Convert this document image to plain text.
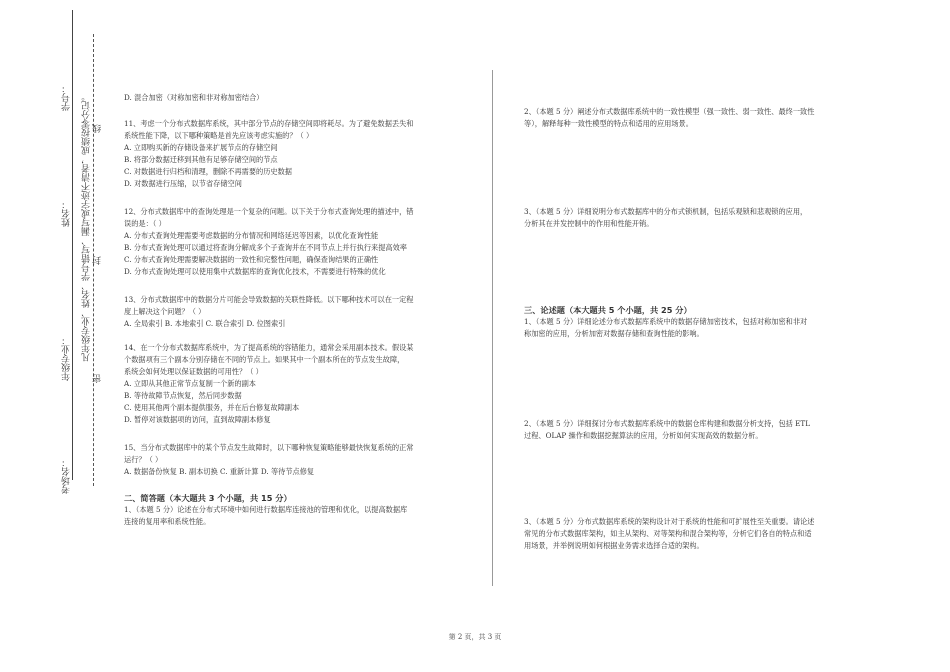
学号：
姓名：
年级专业：
考场名：
凡年级专业、姓名、学号错写、漏写或字迹不清者，成绩按零分记。
密
封
线

D. 混合加密（对称加密和非对称加密结合）

11、考虑一个分布式数据库系统，其中部分节点的存储空间即将耗尽。为了避免数据丢失和

系统性能下降，以下哪种策略是首先应该考虑实施的？（ ）

A. 立即购买新的存储设备来扩展节点的存储空间

B. 将部分数据迁移到其他有足够存储空间的节点

C. 对数据进行归档和清理，删除不再需要的历史数据

D. 对数据进行压缩，以节省存储空间

12、分布式数据库中的查询处理是一个复杂的问题。以下关于分布式查询处理的描述中，错

误的是：（ ）

A. 分布式查询处理需要考虑数据的分布情况和网络延迟等因素，以优化查询性能

B. 分布式查询处理可以通过将查询分解成多个子查询并在不同节点上并行执行来提高效率

C. 分布式查询处理需要解决数据的一致性和完整性问题，确保查询结果的正确性

D. 分布式查询处理可以使用集中式数据库的查询优化技术，不需要进行特殊的优化

13、分布式数据库中的数据分片可能会导致数据的关联性降低。以下哪种技术可以在一定程

度上解决这个问题？（ ）

A. 全局索引 B. 本地索引 C. 联合索引 D. 位图索引

14、在一个分布式数据库系统中，为了提高系统的容错能力，通常会采用副本技术。假设某

个数据项有三个副本分别存储在不同的节点上。如果其中一个副本所在的节点发生故障，

系统会如何处理以保证数据的可用性？（ ）

A. 立即从其他正常节点复制一个新的副本

B. 等待故障节点恢复，然后同步数据

C. 使用其他两个副本提供服务，并在后台修复故障副本

D. 暂停对该数据项的访问，直到故障副本修复

15、当分布式数据库中的某个节点发生故障时，以下哪种恢复策略能够最快恢复系统的正常

运行？（ ）

A. 数据备份恢复 B. 副本切换 C. 重新计算 D. 等待节点修复

二、简答题（本大题共 3 个小题，共 15 分）

1、（本题 5 分）论述在分布式环境中如何进行数据库连接池的管理和优化，以提高数据库

连接的复用率和系统性能。

2、（本题 5 分）阐述分布式数据库系统中的一致性模型（强一致性、弱一致性、最终一致性

等），解释每种一致性模型的特点和适用的应用场景。

3、（本题 5 分）详细说明分布式数据库中的分布式锁机制，包括乐观锁和悲观锁的应用，

分析其在并发控制中的作用和性能开销。

三、论述题（本大题共 5 个小题，共 25 分）

1、（本题 5 分）详细论述分布式数据库系统中的数据存储加密技术，包括对称加密和非对

称加密的应用，分析加密对数据存储和查询性能的影响。

2、（本题 5 分）详细探讨分布式数据库系统中的数据仓库构建和数据分析支持，包括 ETL

过程、OLAP 操作和数据挖掘算法的应用，分析如何实现高效的数据分析。

3、（本题 5 分）分布式数据库系统的架构设计对于系统的性能和可扩展性至关重要。请论述

常见的分布式数据库架构，如主从架构、对等架构和混合架构等，分析它们各自的特点和适

用场景，并举例说明如何根据业务需求选择合适的架构。

第 2 页，共 3 页
